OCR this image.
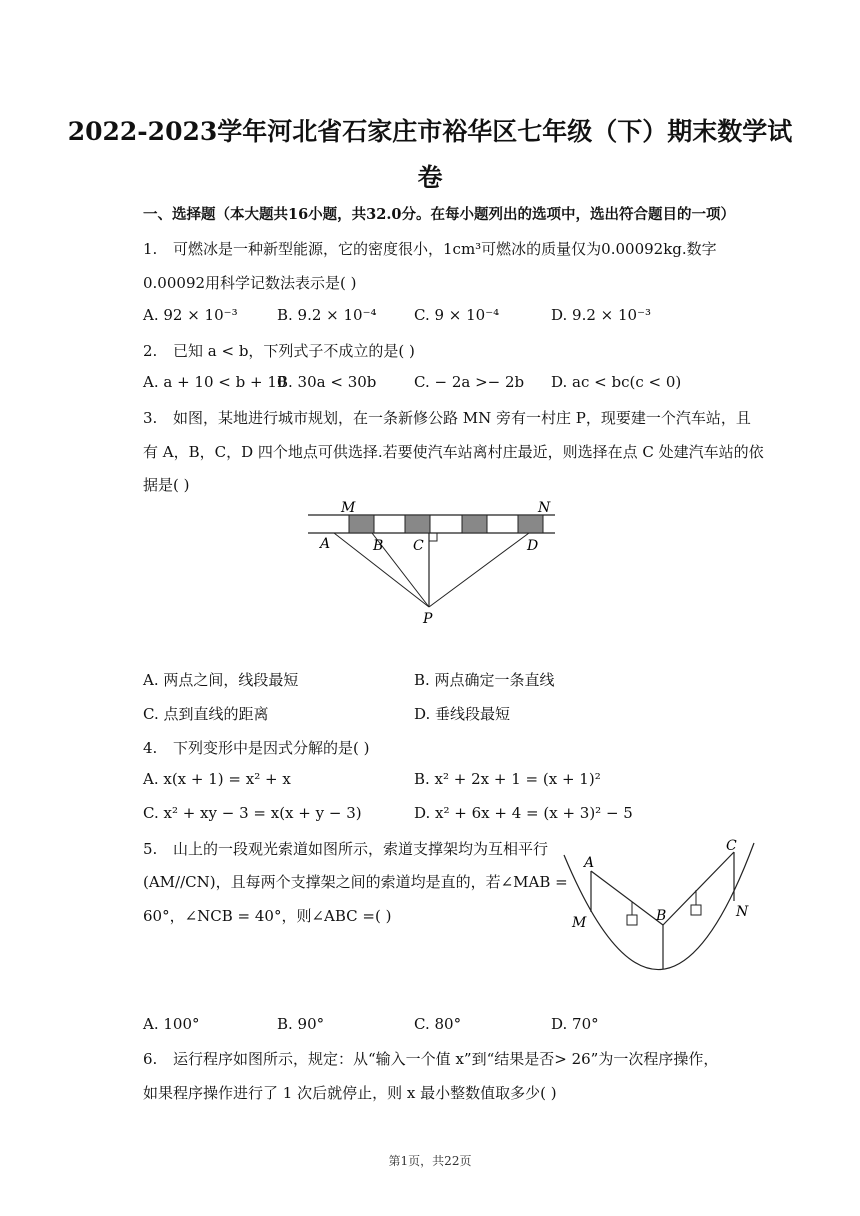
2022-2023学年河北省石家庄市裕华区七年级（下）期末数学试
卷
一、选择题（本大题共16小题，共32.0分。在每小题列出的选项中，选出符合题目的一项）
1. 可燃冰是一种新型能源，它的密度很小，1cm³可燃冰的质量仅为0.00092kg.数字
0.00092用科学记数法表示是( )
A. 92 × 10⁻³	B. 9.2 × 10⁻⁴ C. 9 × 10⁻⁴	D. 9.2 × 10⁻³
2. 已知 a < b，下列式子不成立的是( )
A. a + 10 < b + 10
B. 30a < 30b	C. − 2a >− 2b D. ac < bc(c < 0)
3. 如图，某地进行城市规划，在一条新修公路 MN 旁有一村庄 P，现要建一个汽车站，且
有 A，B，C，D 四个地点可供选择.若要使汽车站离村庄最近，则选择在点 C 处建汽车站的依
据是( )
M	N
A	B C	D
P
A. 两点之间，线段最短	B. 两点确定一条直线
C. 点到直线的距离	D. 垂线段最短
4. 下列变形中是因式分解的是( )
A. x(x + 1) = x² + x	B. x² + 2x + 1 = (x + 1)²
C. x² + xy − 3 = x(x + y − 3)	D. x² + 6x + 4 = (x + 3)² − 5
5. 山上的一段观光索道如图所示，索道支撑架均为互相平行
(AM//CN)，且每两个支撑架之间的索道均是直的，若∠MAB =
60°，∠NCB = 40°，则∠ABC =( )
A
B
C
M
N
A. 100°	B. 90°	C. 80°	D. 70°
6. 运行程序如图所示，规定：从“输入一个值 x”到“结果是否> 26”为一次程序操作，
如果程序操作进行了 1 次后就停止，则 x 最小整数值取多少( )
第1页，共22页
